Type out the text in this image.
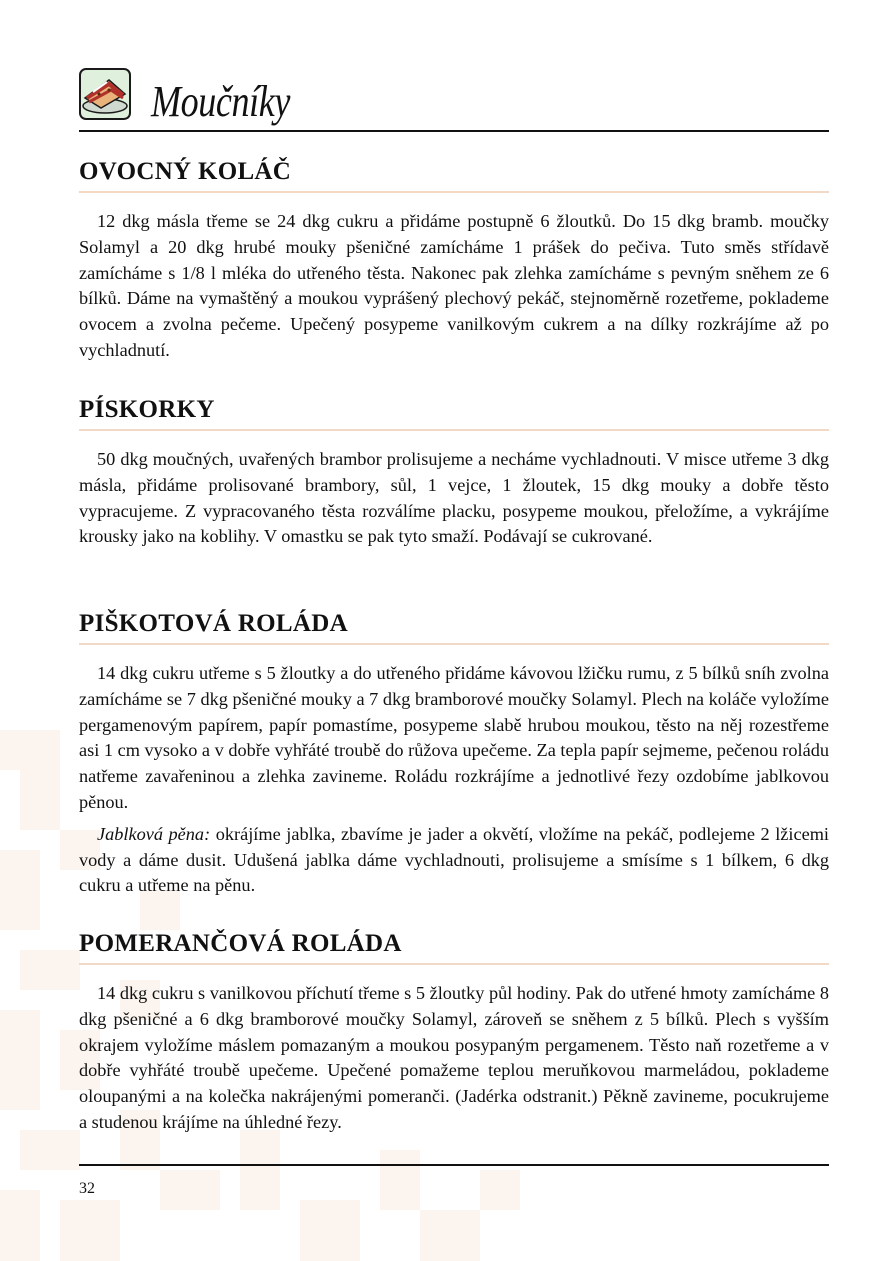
Moučníky
OVOCNÝ KOLÁČ

12 dkg másla třeme se 24 dkg cukru a přidáme postupně 6 žloutků. Do 15 dkg bramb. moučky Solamyl a 20 dkg hrubé mouky pšeničné zamícháme 1 prášek do pečiva. Tuto směs střídavě zamícháme s 1/8 l mléka do utřeného těsta. Nakonec pak zlehka zamícháme s pevným sněhem ze 6 bílků. Dáme na vymaštěný a moukou vyprášený plechový pekáč, stejnoměrně rozetřeme, poklademe ovocem a zvolna pečeme. Upečený posypeme vanilkovým cukrem a na dílky rozkrájíme až po vychladnutí.

PÍSKORKY

50 dkg moučných, uvařených brambor prolisujeme a necháme vychladnouti. V misce utřeme 3 dkg másla, přidáme prolisované brambory, sůl, 1 vejce, 1 žloutek, 15 dkg mouky a dobře těsto vypracujeme. Z vypracovaného těsta rozválíme placku, posypeme moukou, přeložíme, a vykrájíme krousky jako na koblihy. V omastku se pak tyto smaží. Podávají se cukrované.

PIŠKOTOVÁ ROLÁDA

14 dkg cukru utřeme s 5 žloutky a do utřeného přidáme kávovou lžičku rumu, z 5 bílků sníh zvolna zamícháme se 7 dkg pšeničné mouky a 7 dkg bramborové moučky Solamyl. Plech na koláče vyložíme pergamenovým papírem, papír pomastíme, posypeme slabě hrubou moukou, těsto na něj rozestřeme asi 1 cm vysoko a v dobře vyhřáté troubě do růžova upečeme. Za tepla papír sejmeme, pečenou roládu natřeme zavařeninou a zlehka zavineme. Roládu rozkrájíme a jednotlivé řezy ozdobíme jablkovou pěnou.

Jablková pěna: okrájíme jablka, zbavíme je jader a okvětí, vložíme na pekáč, podlejeme 2 lžicemi vody a dáme dusit. Udušená jablka dáme vychladnouti, prolisujeme a smísíme s 1 bílkem, 6 dkg cukru a utřeme na pěnu.

POMERANČOVÁ ROLÁDA

14 dkg cukru s vanilkovou příchutí třeme s 5 žloutky půl hodiny. Pak do utřené hmoty zamícháme 8 dkg pšeničné a 6 dkg bramborové moučky Solamyl, zároveň se sněhem z 5 bílků. Plech s vyšším okrajem vyložíme máslem pomazaným a moukou posypaným pergamenem. Těsto naň rozetřeme a v dobře vyhřáté troubě upečeme. Upečené pomažeme teplou meruňkovou marmeládou, poklademe oloupanými a na kolečka nakrájenými pomeranči. (Jadérka odstranit.) Pěkně zavineme, pocukrujeme a studenou krájíme na úhledné řezy.

32
